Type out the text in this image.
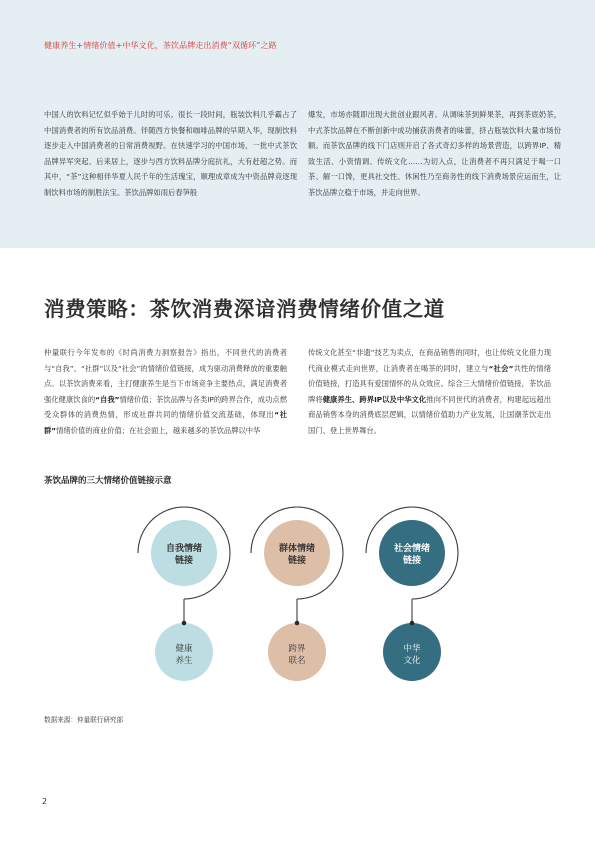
健康养生+情绪价值+中华文化，茶饮品牌走出消费“双循环”之路

中国人的饮料记忆似乎始于儿时的可乐。很长一段时间，瓶装饮料几乎霸占了中国消费者的所有饮品消费。伴随西方快餐和咖啡品牌的早期入华，现制饮料逐步走入中国消费者的日常消费视野。在快速学习的中国市场，一批中式茶饮品牌异军突起、后来居上，逐步与西方饮料品牌分庭抗礼，大有赶超之势。而其中，“茶”这种相伴华夏人民千年的生活瑰宝，顺理成章成为中资品牌竞逐现制饮料市场的制胜法宝。茶饮品牌如雨后春笋般

爆发，市场亦随即出现大批创业跟风者。从调味茶到鲜果茶，再到茶底奶茶，中式茶饮品牌在不断创新中成功捕获消费者的味蕾，挤占瓶装饮料大量市场份额。而茶饮品牌的线下门店则开启了各式奇幻多样的场景营造，以跨界IP、精致生活、小资情调、传统文化……为切入点，让消费者不再只满足于喝一口茶、解一口馋，更具社交性、休闲性乃至商务性的线下消费场景应运而生，让茶饮品牌立稳于市场，并走向世界。

消费策略：茶饮消费深谙消费情绪价值之道

仲量联行今年发布的《时尚消费力洞察报告》指出，不同世代的消费者与“自我”、“社群”以及“社会”的情绪价值链接，成为驱动消费释放的重要触点。以茶饮消费来看，主打健康养生是当下市场竞争主要热点，满足消费者强化健康饮食的“自我”情绪价值；茶饮品牌与各类IP的跨界合作，成功点燃受众群体的消费热情，形成社群共同的情绪价值交流基础，体现出“社群”情绪价值的商业价值；在社会面上，越来越多的茶饮品牌以中华

传统文化甚至“非遗”技艺为卖点，在商品销售的同时，也让传统文化借力现代商业模式走向世界，让消费者在喝茶的同时，建立与“社会”共性的情绪价值链接，打造具有爱国情怀的从众效应。综合三大情绪价值链接，茶饮品牌将健康养生、跨界IP以及中华文化推向不同世代的消费者，构建起远超出商品销售本身的消费底层逻辑，以情绪价值助力产业发展，让国潮茶饮走出国门、登上世界舞台。

茶饮品牌的三大情绪价值链接示意
自我情绪
链接
健康
养生
群体情绪
链接
跨界
联名
社会情绪
链接
中华
文化
数据来源：仲量联行研究部
2
